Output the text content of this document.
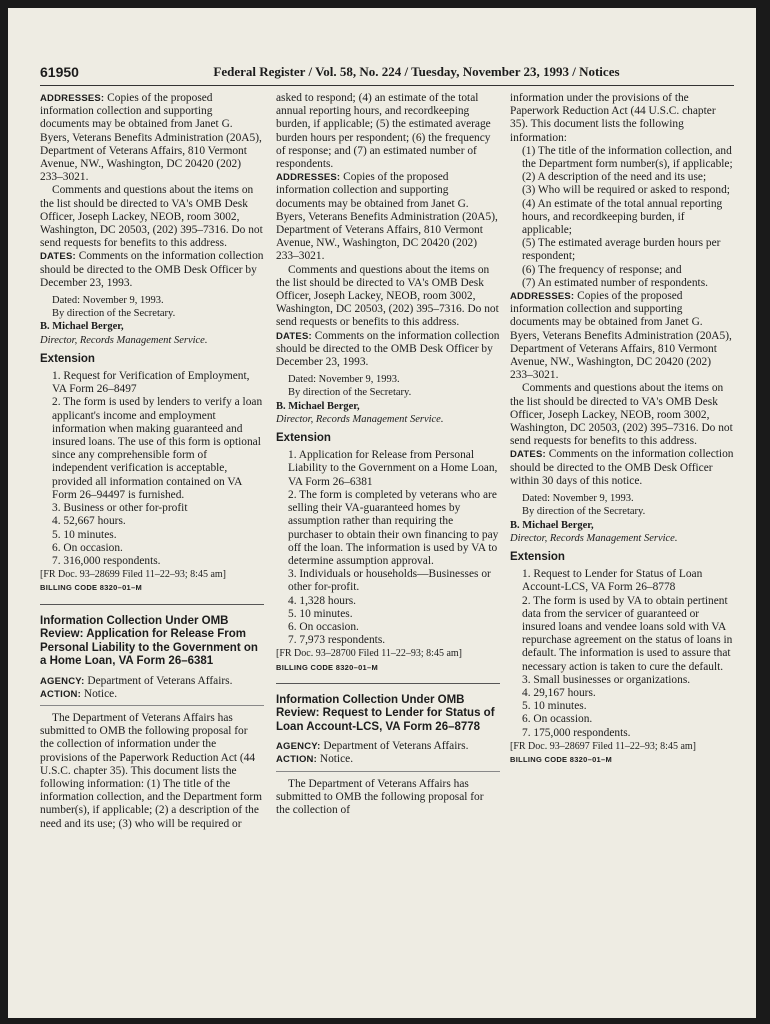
61950	Federal Register / Vol. 58, No. 224 / Tuesday, November 23, 1993 / Notices

ADDRESSES: Copies of the proposed information collection and supporting documents may be obtained from Janet G. Byers, Veterans Benefits Administration (20A5), Department of Veterans Affairs, 810 Vermont Avenue, NW., Washington, DC 20420 (202) 233–3021.

Comments and questions about the items on the list should be directed to VA's OMB Desk Officer, Joseph Lackey, NEOB, room 3002, Washington, DC 20503, (202) 395–7316. Do not send requests for benefits to this address.

DATES: Comments on the information collection should be directed to the OMB Desk Officer by December 23, 1993.

Dated: November 9, 1993.

By direction of the Secretary.

B. Michael Berger,

Director, Records Management Service.

Extension

1. Request for Verification of Employment, VA Form 26–8497

2. The form is used by lenders to verify a loan applicant's income and employment information when making guaranteed and insured loans. The use of this form is optional since any comprehensible form of independent verification is acceptable, provided all information contained on VA Form 26–94497 is furnished.

3. Business or other for-profit

4. 52,667 hours.

5. 10 minutes.

6. On occasion.

7. 316,000 respondents.

[FR Doc. 93–28699 Filed 11–22–93; 8:45 am]

BILLING CODE 8320–01–M

Information Collection Under OMB Review: Application for Release From Personal Liability to the Government on a Home Loan, VA Form 26–6381

AGENCY: Department of Veterans Affairs.

ACTION: Notice.

The Department of Veterans Affairs has submitted to OMB the following proposal for the collection of information under the provisions of the Paperwork Reduction Act (44 U.S.C. chapter 35). This document lists the following information: (1) The title of the information collection, and the Department form number(s), if applicable; (2) a description of the need and its use; (3) who will be required or

asked to respond; (4) an estimate of the total annual reporting hours, and recordkeeping burden, if applicable; (5) the estimated average burden hours per respondent; (6) the frequency of response; and (7) an estimated number of respondents.

ADDRESSES: Copies of the proposed information collection and supporting documents may be obtained from Janet G. Byers, Veterans Benefits Administration (20A5), Department of Veterans Affairs, 810 Vermont Avenue, NW., Washington, DC 20420 (202) 233–3021.

Comments and questions about the items on the list should be directed to VA's OMB Desk Officer, Joseph Lackey, NEOB, room 3002, Washington, DC 20503, (202) 395–7316. Do not send requests or benefits to this address.

DATES: Comments on the information collection should be directed to the OMB Desk Officer by December 23, 1993.

Dated: November 9, 1993.

By direction of the Secretary.

B. Michael Berger,

Director, Records Management Service.

Extension

1. Application for Release from Personal Liability to the Government on a Home Loan, VA Form 26–6381

2. The form is completed by veterans who are selling their VA-guaranteed homes by assumption rather than requiring the purchaser to obtain their own financing to pay off the loan. The information is used by VA to determine assumption approval.

3. Individuals or households—Businesses or other for-profit.

4. 1,328 hours.

5. 10 minutes.

6. On occasion.

7. 7,973 respondents.

[FR Doc. 93–28700 Filed 11–22–93; 8:45 am]

BILLING CODE 8320–01–M

Information Collection Under OMB Review: Request to Lender for Status of Loan Account-LCS, VA Form 26–8778

AGENCY: Department of Veterans Affairs.

ACTION: Notice.

The Department of Veterans Affairs has submitted to OMB the following proposal for the collection of

information under the provisions of the Paperwork Reduction Act (44 U.S.C. chapter 35). This document lists the following information:

(1) The title of the information collection, and the Department form number(s), if applicable;

(2) A description of the need and its use;

(3) Who will be required or asked to respond;

(4) An estimate of the total annual reporting hours, and recordkeeping burden, if applicable;

(5) The estimated average burden hours per respondent;

(6) The frequency of response; and

(7) An estimated number of respondents.

ADDRESSES: Copies of the proposed information collection and supporting documents may be obtained from Janet G. Byers, Veterans Benefits Administration (20A5), Department of Veterans Affairs, 810 Vermont Avenue, NW., Washington, DC 20420 (202) 233–3021.

Comments and questions about the items on the list should be directed to VA's OMB Desk Officer, Joseph Lackey, NEOB, room 3002, Washington, DC 20503, (202) 395–7316. Do not send requests for benefits to this address.

DATES: Comments on the information collection should be directed to the OMB Desk Officer within 30 days of this notice.

Dated: November 9, 1993.

By direction of the Secretary.

B. Michael Berger,

Director, Records Management Service.

Extension

1. Request to Lender for Status of Loan Account-LCS, VA Form 26–8778

2. The form is used by VA to obtain pertinent data from the servicer of guaranteed or insured loans and vendee loans sold with VA repurchase agreement on the status of loans in default. The information is used to assure that necessary action is taken to cure the default.

3. Small businesses or organizations.

4. 29,167 hours.

5. 10 minutes.

6. On ocassion.

7. 175,000 respondents.

[FR Doc. 93–28697 Filed 11–22–93; 8:45 am]

BILLING CODE 8320–01–M
